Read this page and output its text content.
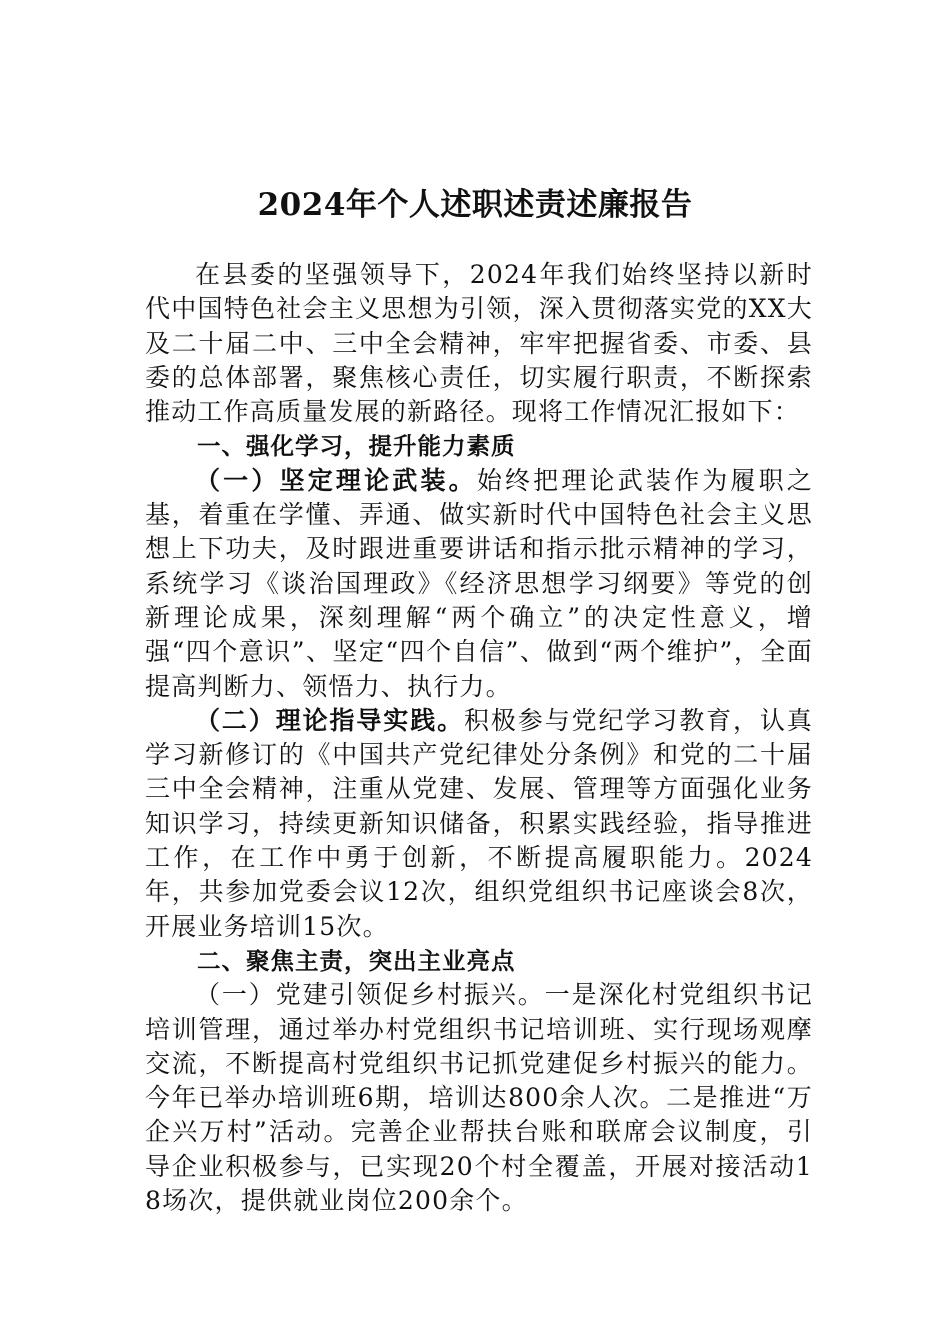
2024年个人述职述责述廉报告

在县委的坚强领导下，2024年我们始终坚持以新时代中国特色社会主义思想为引领，深入贯彻落实党的XX大及二十届二中、三中全会精神，牢牢把握省委、市委、县委的总体部署，聚焦核心责任，切实履行职责，不断探索推动工作高质量发展的新路径。现将工作情况汇报如下：

一、强化学习，提升能力素质

（一）坚定理论武装。始终把理论武装作为履职之基，着重在学懂、弄通、做实新时代中国特色社会主义思想上下功夫，及时跟进重要讲话和指示批示精神的学习，系统学习《谈治国理政》《经济思想学习纲要》等党的创新理论成果，深刻理解“两个确立”的决定性意义，增强“四个意识”、坚定“四个自信”、做到“两个维护”，全面提高判断力、领悟力、执行力。

（二）理论指导实践。积极参与党纪学习教育，认真学习新修订的《中国共产党纪律处分条例》和党的二十届三中全会精神，注重从党建、发展、管理等方面强化业务知识学习，持续更新知识储备，积累实践经验，指导推进工作，在工作中勇于创新，不断提高履职能力。2024年，共参加党委会议12次，组织党组织书记座谈会8次，开展业务培训15次。

二、聚焦主责，突出主业亮点

（一）党建引领促乡村振兴。一是深化村党组织书记培训管理，通过举办村党组织书记培训班、实行现场观摩交流，不断提高村党组织书记抓党建促乡村振兴的能力。今年已举办培训班6期，培训达800余人次。二是推进“万企兴万村”活动。完善企业帮扶台账和联席会议制度，引导企业积极参与，已实现20个村全覆盖，开展对接活动18场次，提供就业岗位200余个。
